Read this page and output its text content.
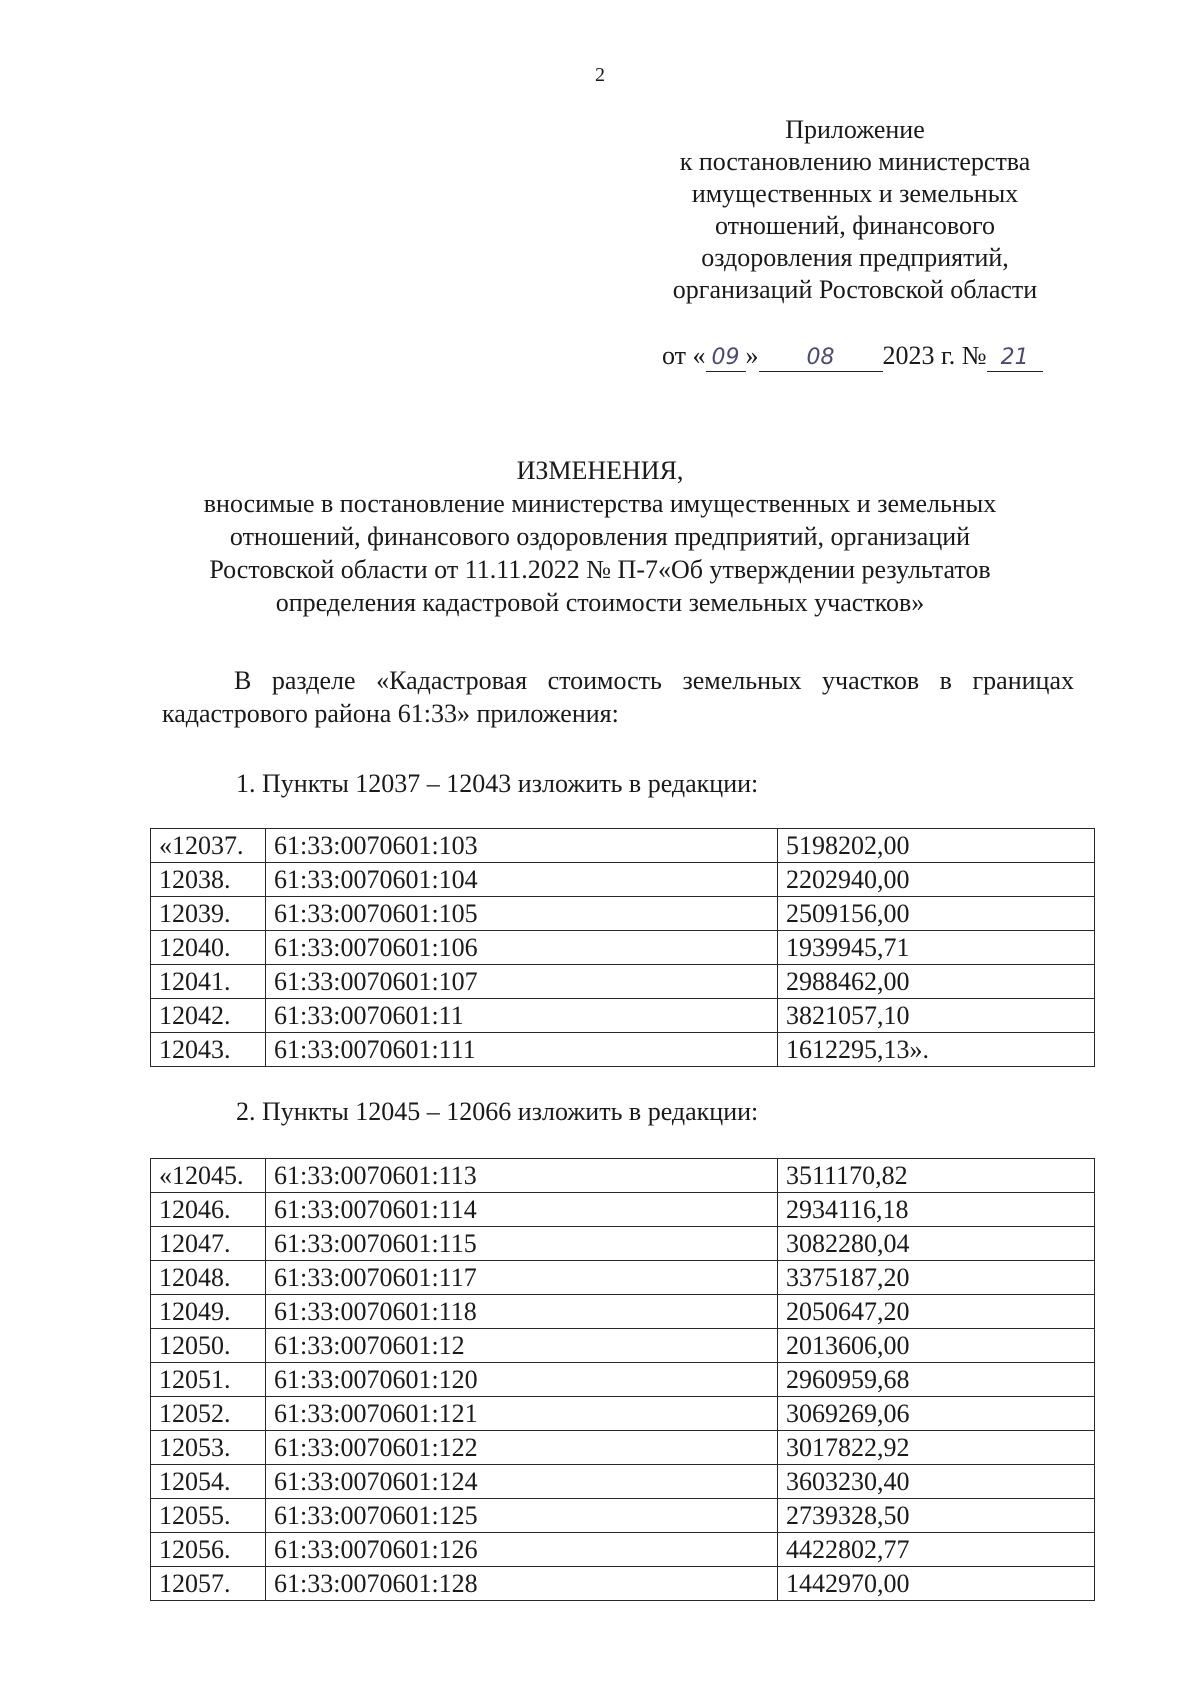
2
Приложение
к постановлению министерства
имущественных и земельных
отношений, финансового
оздоровления предприятий,
организаций Ростовской области
от « 09 » 08 2023 г. № 21
ИЗМЕНЕНИЯ,
вносимые в постановление министерства имущественных и земельных
отношений, финансового оздоровления предприятий, организаций
Ростовской области от 11.11.2022 № П-7«Об утверждении результатов
определения кадастровой стоимости земельных участков»
В разделе «Кадастровая стоимость земельных участков в границах
кадастрового района 61:33» приложения:
1. Пункты 12037 – 12043 изложить в редакции:
«12037.	61:33:0070601:103	5198202,00
12038.	61:33:0070601:104	2202940,00
12039.	61:33:0070601:105	2509156,00
12040.	61:33:0070601:106	1939945,71
12041.	61:33:0070601:107	2988462,00
12042.	61:33:0070601:11	3821057,10
12043.	61:33:0070601:111	1612295,13».
2. Пункты 12045 – 12066 изложить в редакции:
«12045.	61:33:0070601:113	3511170,82
12046.	61:33:0070601:114	2934116,18
12047.	61:33:0070601:115	3082280,04
12048.	61:33:0070601:117	3375187,20
12049.	61:33:0070601:118	2050647,20
12050.	61:33:0070601:12	2013606,00
12051.	61:33:0070601:120	2960959,68
12052.	61:33:0070601:121	3069269,06
12053.	61:33:0070601:122	3017822,92
12054.	61:33:0070601:124	3603230,40
12055.	61:33:0070601:125	2739328,50
12056.	61:33:0070601:126	4422802,77
12057.	61:33:0070601:128	1442970,00
